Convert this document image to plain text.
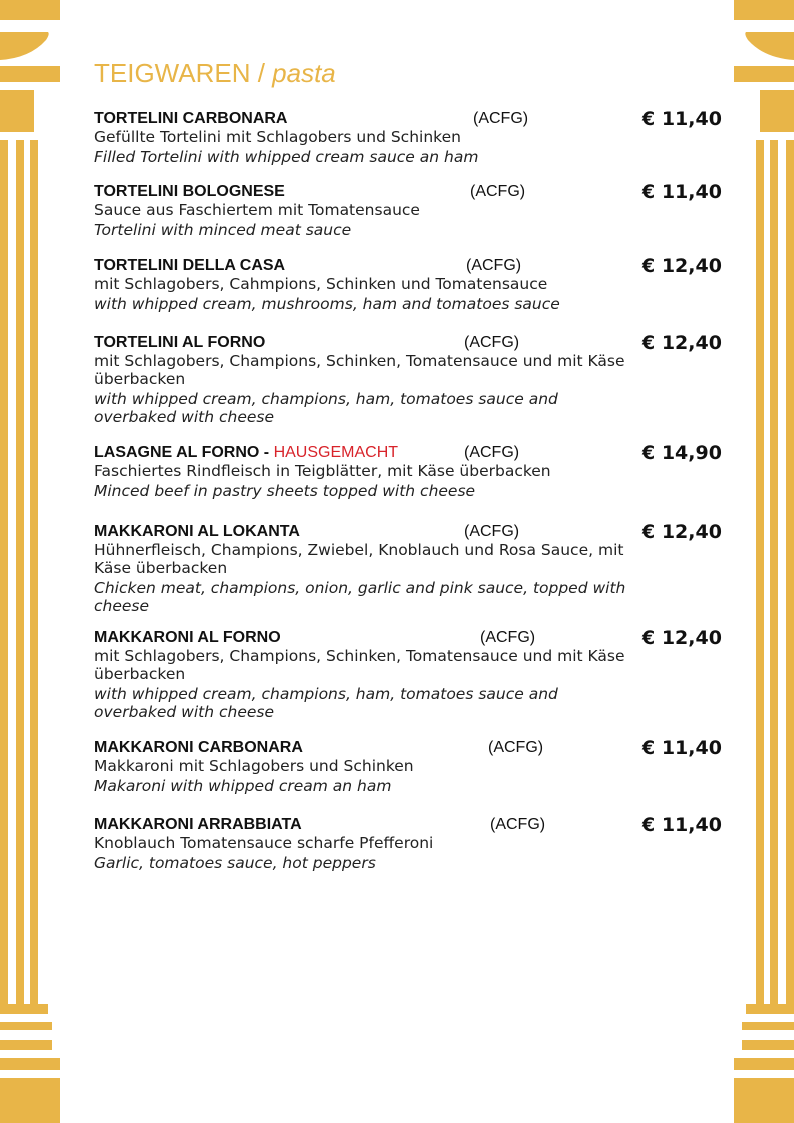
TEIGWAREN / pasta
TORTELINI CARBONARA	(ACFG)
Gefüllte Tortelini mit Schlagobers und Schinken
Filled Tortelini with whipped cream sauce an ham
€ 11,40
TORTELINI BOLOGNESE	(ACFG)
Sauce aus Faschiertem mit Tomatensauce
Tortelini with minced meat sauce
€ 11,40
TORTELINI DELLA CASA	(ACFG)
mit Schlagobers, Cahmpions, Schinken und Tomatensauce
with whipped cream, mushrooms, ham and tomatoes sauce
€ 12,40
TORTELINI AL FORNO	(ACFG)
mit Schlagobers, Champions, Schinken, Tomatensauce und mit Käse überbacken
with whipped cream, champions, ham, tomatoes sauce and overbaked with cheese
€ 12,40
LASAGNE AL FORNO - HAUSGEMACHT	(ACFG)
Faschiertes Rindfleisch in Teigblätter, mit Käse überbacken
Minced beef in pastry sheets topped with cheese
€ 14,90
MAKKARONI AL LOKANTA	(ACFG)
Hühnerfleisch, Champions, Zwiebel, Knoblauch und Rosa Sauce, mit Käse überbacken
Chicken meat, champions, onion, garlic and pink sauce, topped with cheese
€ 12,40
MAKKARONI AL FORNO	(ACFG)
mit Schlagobers, Champions, Schinken, Tomatensauce und mit Käse überbacken
with whipped cream, champions, ham, tomatoes sauce and overbaked with cheese
€ 12,40
MAKKARONI CARBONARA	(ACFG)
Makkaroni mit Schlagobers und Schinken
Makaroni with whipped cream an ham
€ 11,40
MAKKARONI ARRABBIATA	(ACFG)
Knoblauch Tomatensauce scharfe Pfefferoni
Garlic, tomatoes sauce, hot peppers
€ 11,40
